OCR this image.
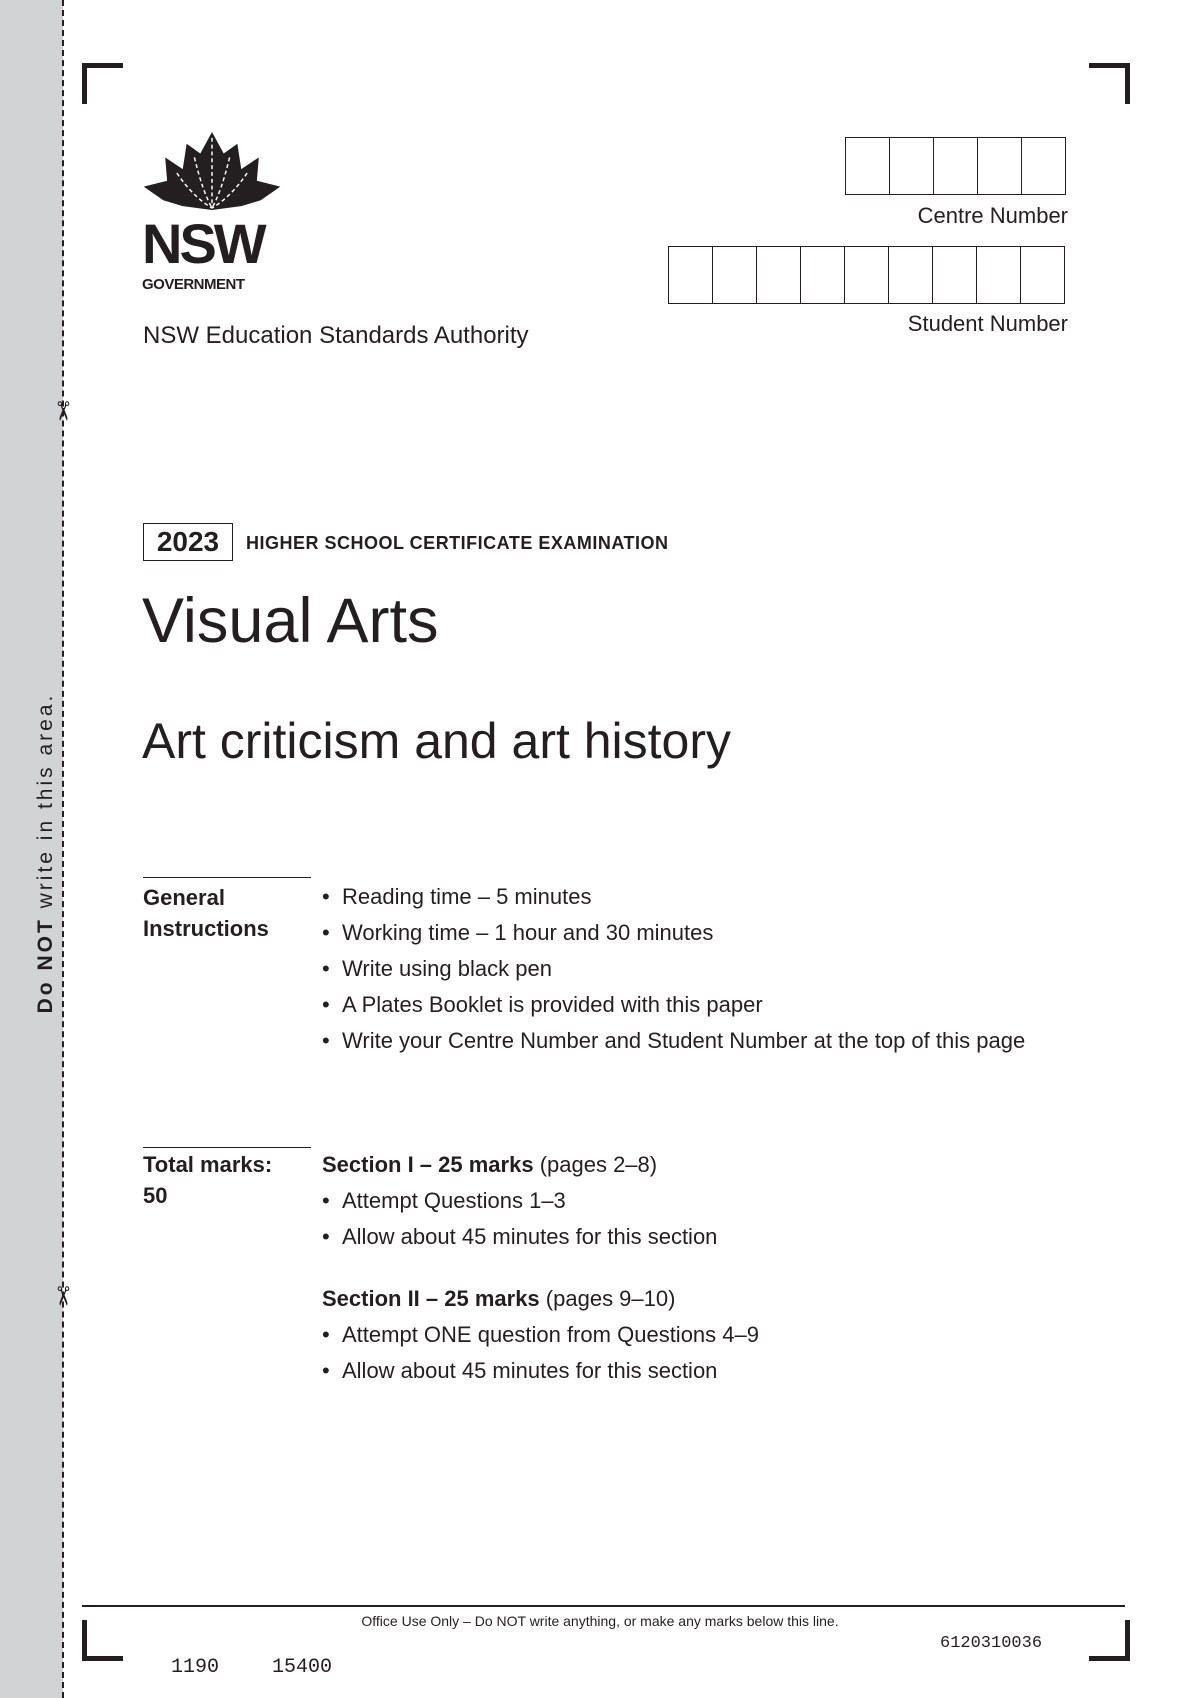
Do NOT write in this area.
✂
✂
NSW
GOVERNMENT
NSW Education Standards Authority
Centre Number
Student Number
2023	HIGHER SCHOOL CERTIFICATE EXAMINATION
Visual Arts
Art criticism and art history
General
Instructions
• Reading time – 5 minutes
• Working time – 1 hour and 30 minutes
• Write using black pen
• A Plates Booklet is provided with this paper
• Write your Centre Number and Student Number at the top of this page
Total marks:
50
Section I – 25 marks (pages 2–8)
• Attempt Questions 1–3
• Allow about 45 minutes for this section
Section II – 25 marks (pages 9–10)
• Attempt ONE question from Questions 4–9
• Allow about 45 minutes for this section
Office Use Only – Do NOT write anything, or make any marks below this line.
6120310036
1190	15400
